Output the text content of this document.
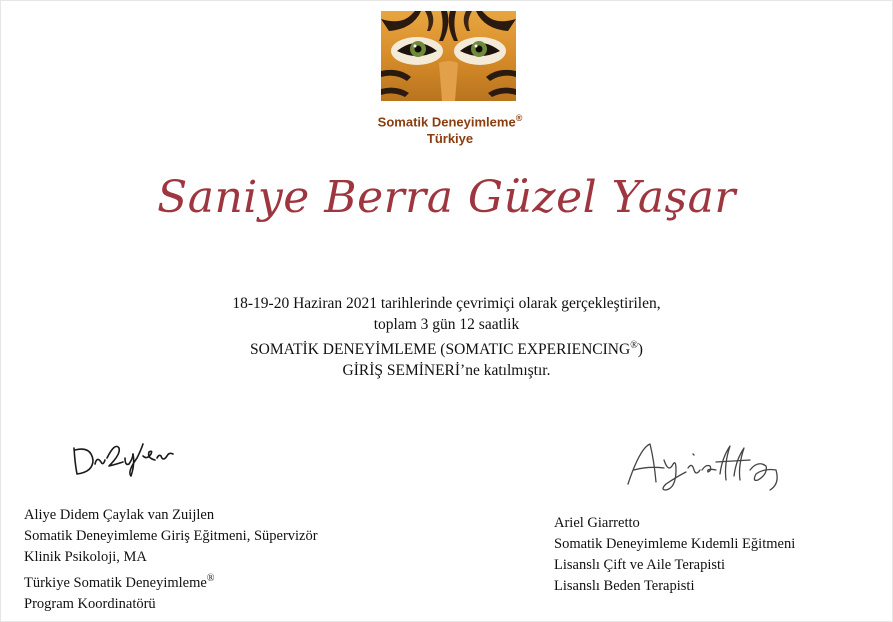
Somatik Deneyimleme®
Türkiye
Saniye Berra Güzel Yaşar
18-19-20 Haziran 2021 tarihlerinde çevrimiçi olarak gerçekleştirilen,
toplam 3 gün 12 saatlik
SOMATİK DENEYİMLEME (SOMATIC EXPERIENCING®)
GİRİŞ SEMİNERİ’ne katılmıştır.
Aliye Didem Çaylak van Zuijlen
Somatik Deneyimleme Giriş Eğitmeni, Süpervizör
Klinik Psikoloji, MA
Türkiye Somatik Deneyimleme®
Program Koordinatörü
Ariel Giarretto
Somatik Deneyimleme Kıdemli Eğitmeni
Lisanslı Çift ve Aile Terapisti
Lisanslı Beden Terapisti
